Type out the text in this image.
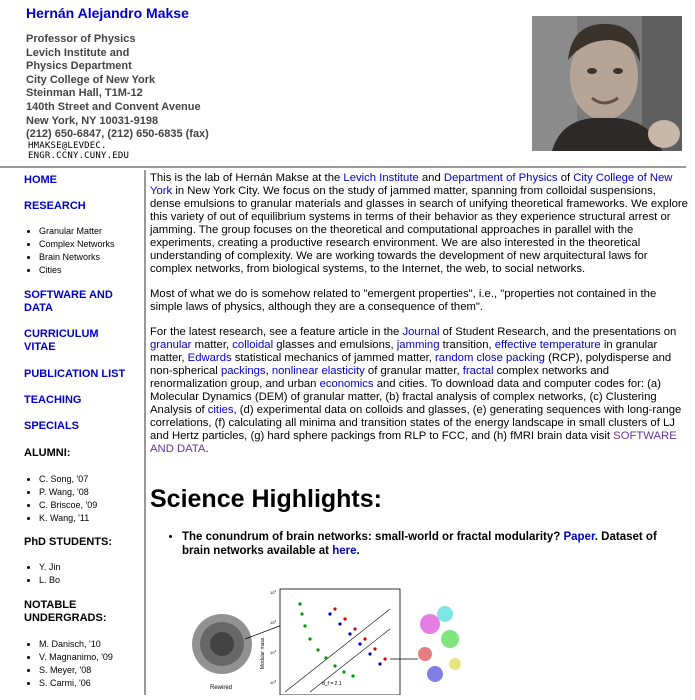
Hernán Alejandro Makse
Professor of Physics
Levich Institute and
Physics Department
City College of New York
Steinman Hall, T1M-12
140th Street and Convent Avenue
New York, NY 10031-9198
(212) 650-6847, (212) 650-6835 (fax)
HMAKSE@LEVDEC.
ENGR.CCNY.CUNY.EDU
HOME
RESEARCH
• Granular Matter
• Complex Networks
• Brain Networks
• Cities
SOFTWARE AND
DATA
CURRICULUM
VITAE
PUBLICATION LIST
TEACHING
SPECIALS
ALUMNI:
• C. Song, '07
• P. Wang, '08
• C. Briscoe, '09
• K. Wang, '11
PhD STUDENTS:
• Y. Jin
• L. Bo
NOTABLE
UNDERGRADS:
• M. Danisch, '10
• V. Magnanimo, '09
• S. Meyer, '08
• S. Carmi, '06

This is the lab of Hernán Makse at the Levich Institute and Department of Physics of City College of New York in New York City. We focus on the study of jammed matter, spanning from colloidal suspensions, dense emulsions to granular materials and glasses in search of unifying theoretical frameworks. We explore this variety of out of equilibrium systems in terms of their behavior as they experience structural arrest or jamming. The group focuses on the theoretical and computational approaches in parallel with the experiments, creating a productive research environment. We are also interested in the theoretical understanding of complexity. We are working towards the development of new arquitectural laws for complex networks, from biological systems, to the Internet, the web, to social networks.

Most of what we do is somehow related to "emergent properties", i.e., "properties not contained in the simple laws of physics, although they are a consequence of them".

For the latest research, see a feature article in the Journal of Student Research, and the presentations on granular matter, colloidal glasses and emulsions, jamming transition, effective temperature in granular matter, Edwards statistical mechanics of jammed matter, random close packing (RCP), polydisperse and non-spherical packings, nonlinear elasticity of granular matter, fractal complex networks and renormalization group, and urban economics and cities. To download data and computer codes for: (a) Molecular Dynamics (DEM) of granular matter, (b) fractal analysis of complex networks, (c) Clustering Analysis of cities, (d) experimental data on colloids and glasses, (e) generating sequences with long-range correlations, (f) calculating all minima and transition states of the energy landscape in small clusters of LJ and Hertz particles, (g) hard sphere packings from RLP to FCC, and (h) fMRI brain data visit SOFTWARE AND DATA.

Science Highlights:
• The conundrum of brain networks: small-world or fractal modularity? Paper. Dataset of brain networks available at here.
Rewired
Modular mass
$10^5$
$10^4$
$10^3$
$10^2$	d_f = 2.1
